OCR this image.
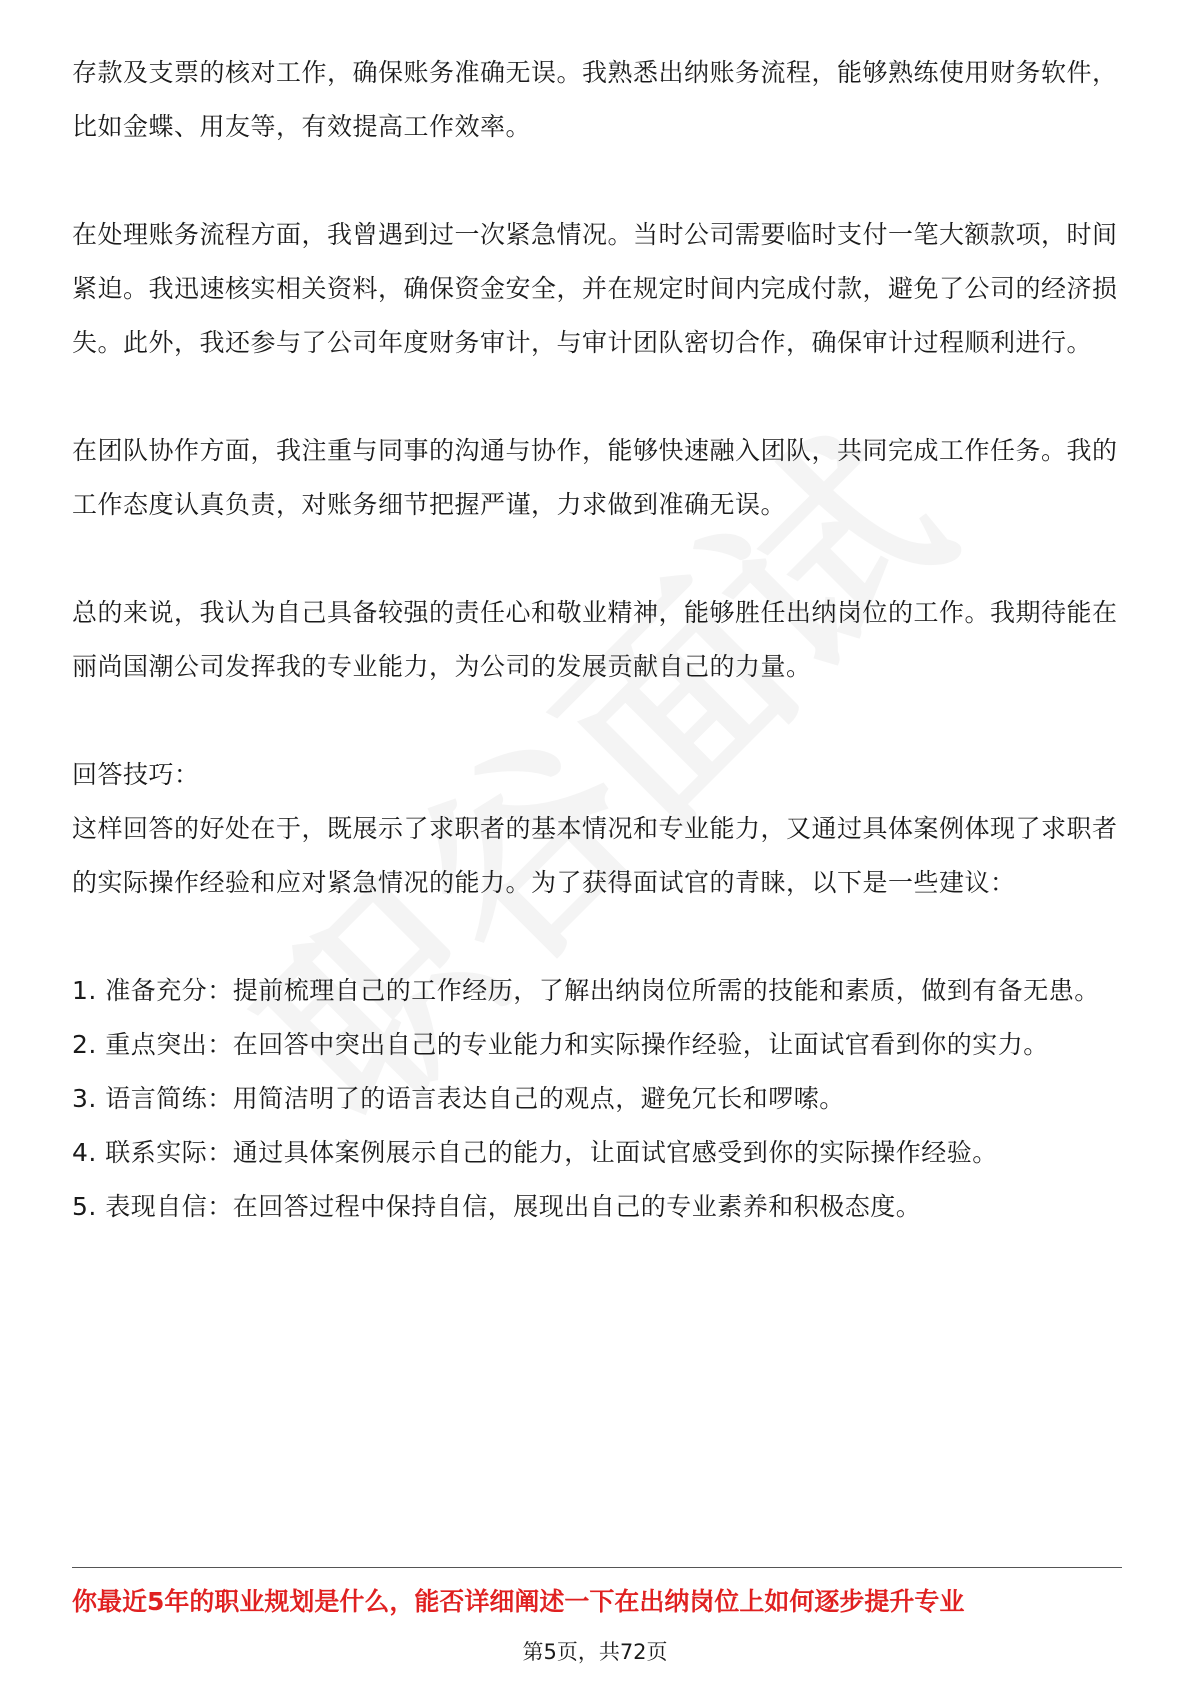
存款及支票的核对工作，确保账务准确无误。我熟悉出纳账务流程，能够熟练使用财务软件，比如金蝶、用友等，有效提高工作效率。

在处理账务流程方面，我曾遇到过一次紧急情况。当时公司需要临时支付一笔大额款项，时间紧迫。我迅速核实相关资料，确保资金安全，并在规定时间内完成付款，避免了公司的经济损失。此外，我还参与了公司年度财务审计，与审计团队密切合作，确保审计过程顺利进行。

在团队协作方面，我注重与同事的沟通与协作，能够快速融入团队，共同完成工作任务。我的工作态度认真负责，对账务细节把握严谨，力求做到准确无误。

总的来说，我认为自己具备较强的责任心和敬业精神，能够胜任出纳岗位的工作。我期待能在丽尚国潮公司发挥我的专业能力，为公司的发展贡献自己的力量。

回答技巧：

这样回答的好处在于，既展示了求职者的基本情况和专业能力，又通过具体案例体现了求职者的实际操作经验和应对紧急情况的能力。为了获得面试官的青睐，以下是一些建议：

1. 准备充分：提前梳理自己的工作经历，了解出纳岗位所需的技能和素质，做到有备无患。
2. 重点突出：在回答中突出自己的专业能力和实际操作经验，让面试官看到你的实力。
3. 语言简练：用简洁明了的语言表达自己的观点，避免冗长和啰嗦。
4. 联系实际：通过具体案例展示自己的能力，让面试官感受到你的实际操作经验。
5. 表现自信：在回答过程中保持自信，展现出自己的专业素养和积极态度。
你最近5年的职业规划是什么，能否详细阐述一下在出纳岗位上如何逐步提升专业
第5页，共72页
